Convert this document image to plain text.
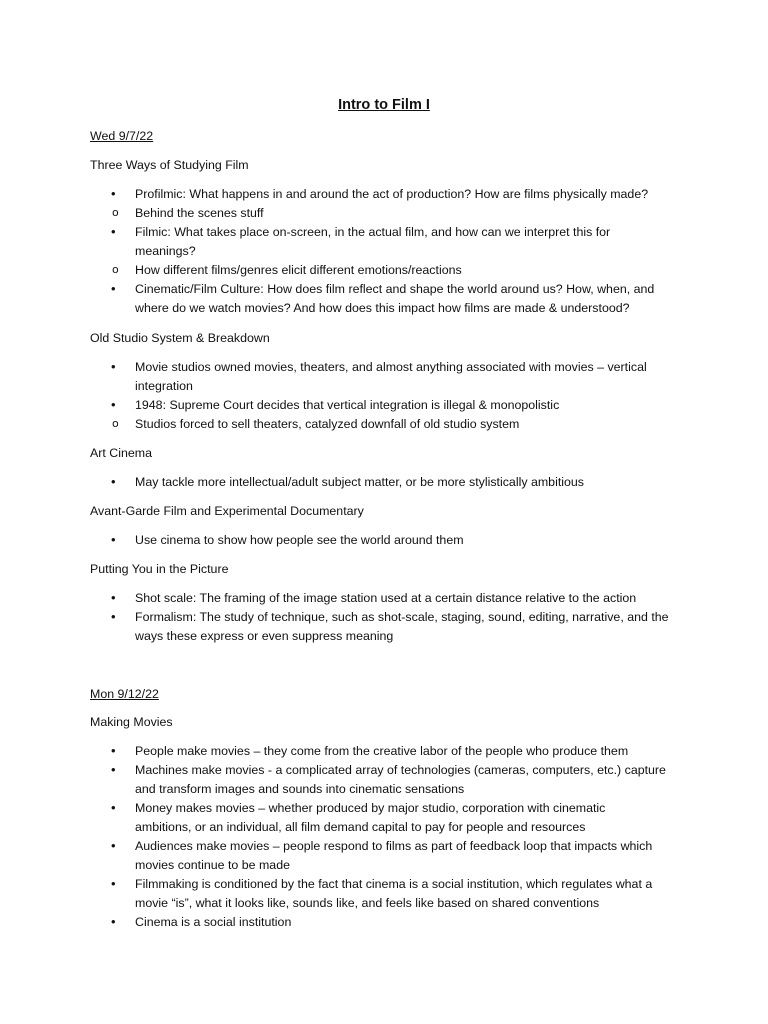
Intro to Film I
Wed 9/7/22
Three Ways of Studying Film
• Profilmic: What happens in and around the act of production? How are films physically made?
o Behind the scenes stuff
• Filmic: What takes place on-screen, in the actual film, and how can we interpret this for meanings?
o How different films/genres elicit different emotions/reactions
• Cinematic/Film Culture: How does film reflect and shape the world around us? How, when, and where do we watch movies? And how does this impact how films are made & understood?
Old Studio System & Breakdown
• Movie studios owned movies, theaters, and almost anything associated with movies – vertical integration
• 1948: Supreme Court decides that vertical integration is illegal & monopolistic
o Studios forced to sell theaters, catalyzed downfall of old studio system
Art Cinema
• May tackle more intellectual/adult subject matter, or be more stylistically ambitious
Avant-Garde Film and Experimental Documentary
• Use cinema to show how people see the world around them
Putting You in the Picture
• Shot scale: The framing of the image station used at a certain distance relative to the action
• Formalism: The study of technique, such as shot-scale, staging, sound, editing, narrative, and the ways these express or even suppress meaning
Mon 9/12/22
Making Movies
• People make movies – they come from the creative labor of the people who produce them
• Machines make movies - a complicated array of technologies (cameras, computers, etc.) capture and transform images and sounds into cinematic sensations
• Money makes movies – whether produced by major studio, corporation with cinematic ambitions, or an individual, all film demand capital to pay for people and resources
• Audiences make movies – people respond to films as part of feedback loop that impacts which movies continue to be made
• Filmmaking is conditioned by the fact that cinema is a social institution, which regulates what a movie “is”, what it looks like, sounds like, and feels like based on shared conventions
• Cinema is a social institution
